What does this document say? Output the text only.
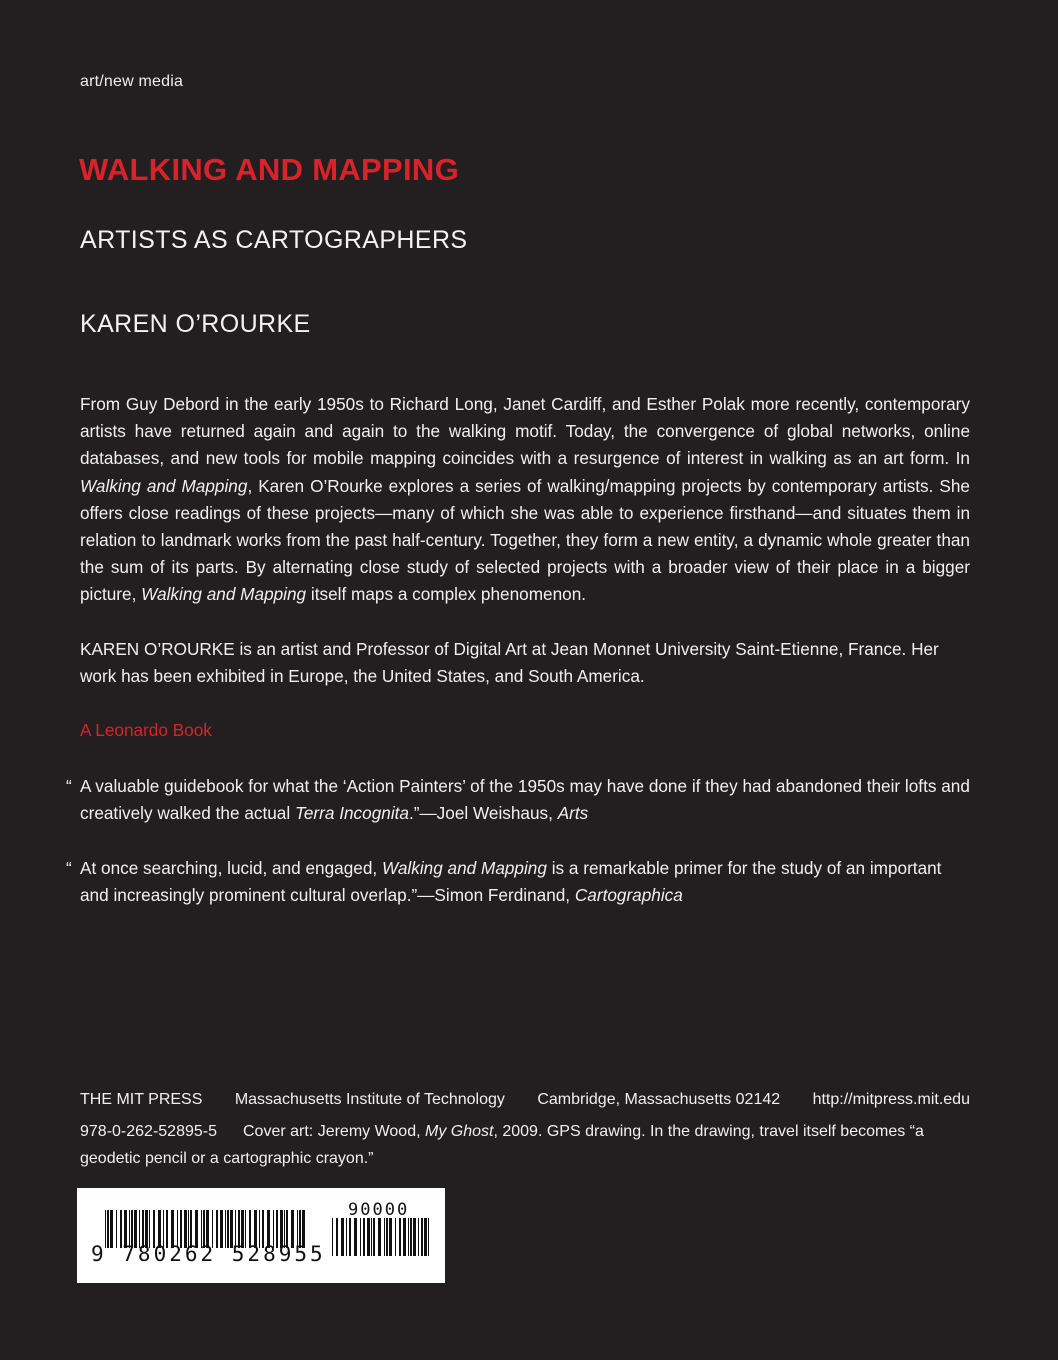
art/new media
WALKING AND MAPPING
ARTISTS AS CARTOGRAPHERS
KAREN O’ROURKE

From Guy Debord in the early 1950s to Richard Long, Janet Cardiff, and Esther Polak more recently, contemporary artists have returned again and again to the walking motif. Today, the convergence of global networks, online databases, and new tools for mobile mapping coincides with a resurgence of interest in walking as an art form. In Walking and Mapping, Karen O’Rourke explores a series of walking/mapping projects by contemporary artists. She offers close readings of these projects—many of which she was able to experience firsthand—and situates them in relation to landmark works from the past half-century. Together, they form a new entity, a dynamic whole greater than the sum of its parts. By alternating close study of selected projects with a broader view of their place in a bigger picture, Walking and Mapping itself maps a complex phenomenon.

KAREN O’ROURKE is an artist and Professor of Digital Art at Jean Monnet University Saint-Etienne, France. Her work has been exhibited in Europe, the United States, and South America.

A Leonardo Book

“ A valuable guidebook for what the ‘Action Painters’ of the 1950s may have done if they had abandoned their lofts and creatively walked the actual Terra Incognita.”—Joel Weishaus, Arts

“ At once searching, lucid, and engaged, Walking and Mapping is a remarkable primer for the study of an important and increasingly prominent cultural overlap.”—Simon Ferdinand, Cartographica

THE MIT PRESS Massachusetts Institute of Technology Cambridge, Massachusetts 02142 http://mitpress.mit.edu

978-0-262-52895-5 Cover art: Jeremy Wood, My Ghost, 2009. GPS drawing. In the drawing, travel itself becomes “a geodetic pencil or a cartographic crayon.”

9 780262 528955
90000
